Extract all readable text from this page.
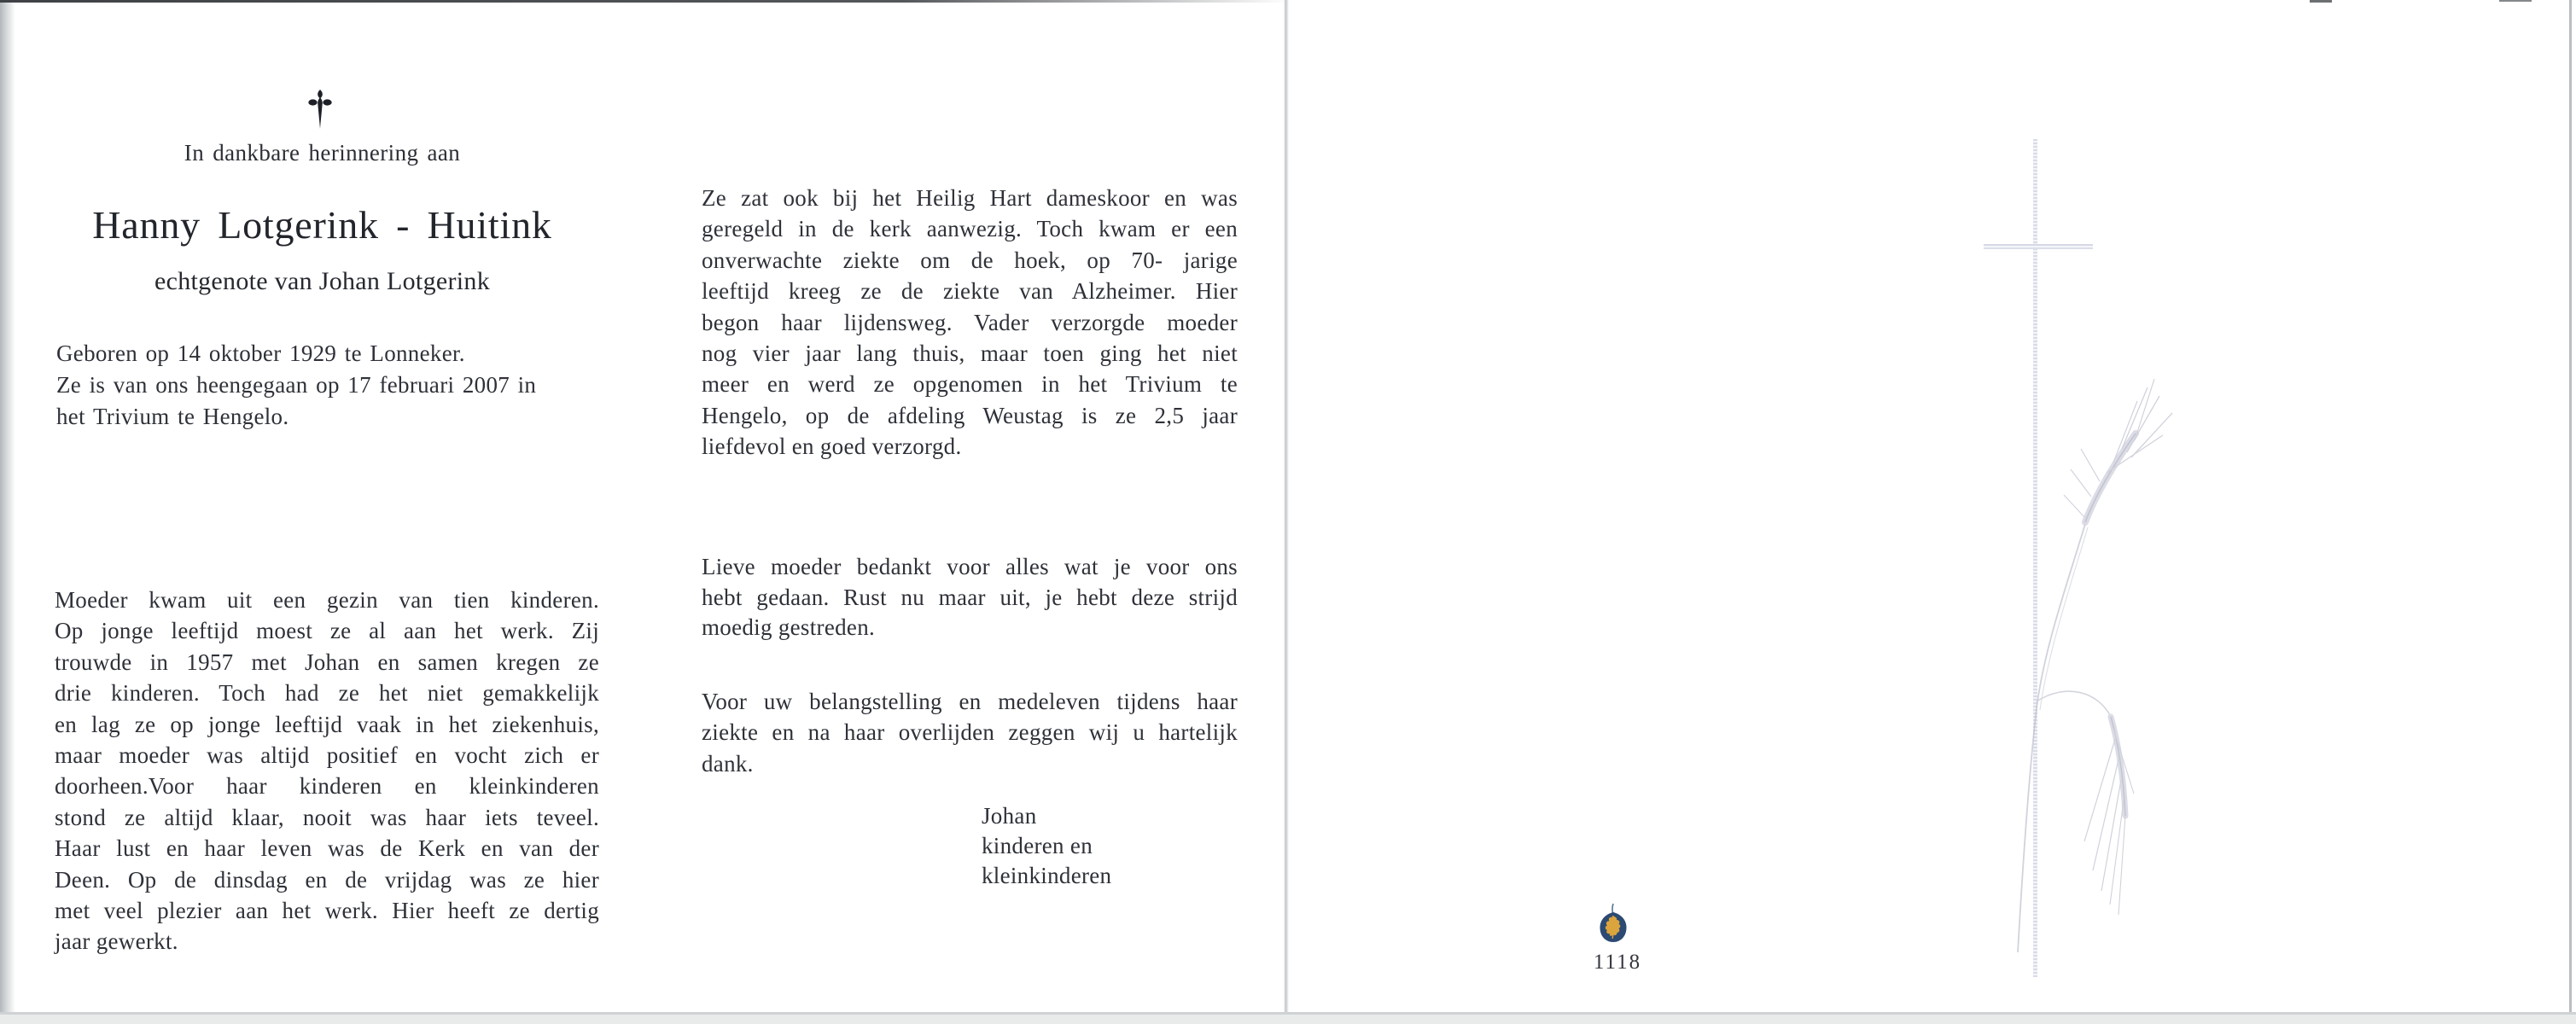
In dankbare herinnering aan
Hanny Lotgerink - Huitink
echtgenote van Johan Lotgerink
Geboren op 14 oktober 1929 te Lonneker.
Ze is van ons heengegaan op 17 februari 2007 in
het Trivium te Hengelo.
Moeder kwam uit een gezin van tien kinderen.
Op jonge leeftijd moest ze al aan het werk. Zij
trouwde in 1957 met Johan en samen kregen ze
drie kinderen. Toch had ze het niet gemakkelijk
en lag ze op jonge leeftijd vaak in het ziekenhuis,
maar moeder was altijd positief en vocht zich er
doorheen.Voor haar kinderen en kleinkinderen
stond ze altijd klaar, nooit was haar iets teveel.
Haar lust en haar leven was de Kerk en van der
Deen. Op de dinsdag en de vrijdag was ze hier
met veel plezier aan het werk. Hier heeft ze dertig
jaar gewerkt.
Ze zat ook bij het Heilig Hart dameskoor en was
geregeld in de kerk aanwezig. Toch kwam er een
onverwachte ziekte om de hoek, op 70- jarige
leeftijd kreeg ze de ziekte van Alzheimer. Hier
begon haar lijdensweg. Vader verzorgde moeder
nog vier jaar lang thuis, maar toen ging het niet
meer en werd ze opgenomen in het Trivium te
Hengelo, op de afdeling Weustag is ze 2,5 jaar
liefdevol en goed verzorgd.
Lieve moeder bedankt voor alles wat je voor ons
hebt gedaan. Rust nu maar uit, je hebt deze strijd
moedig gestreden.
Voor uw belangstelling en medeleven tijdens haar
ziekte en na haar overlijden zeggen wij u hartelijk
dank.
Johan
kinderen en
kleinkinderen
1118
